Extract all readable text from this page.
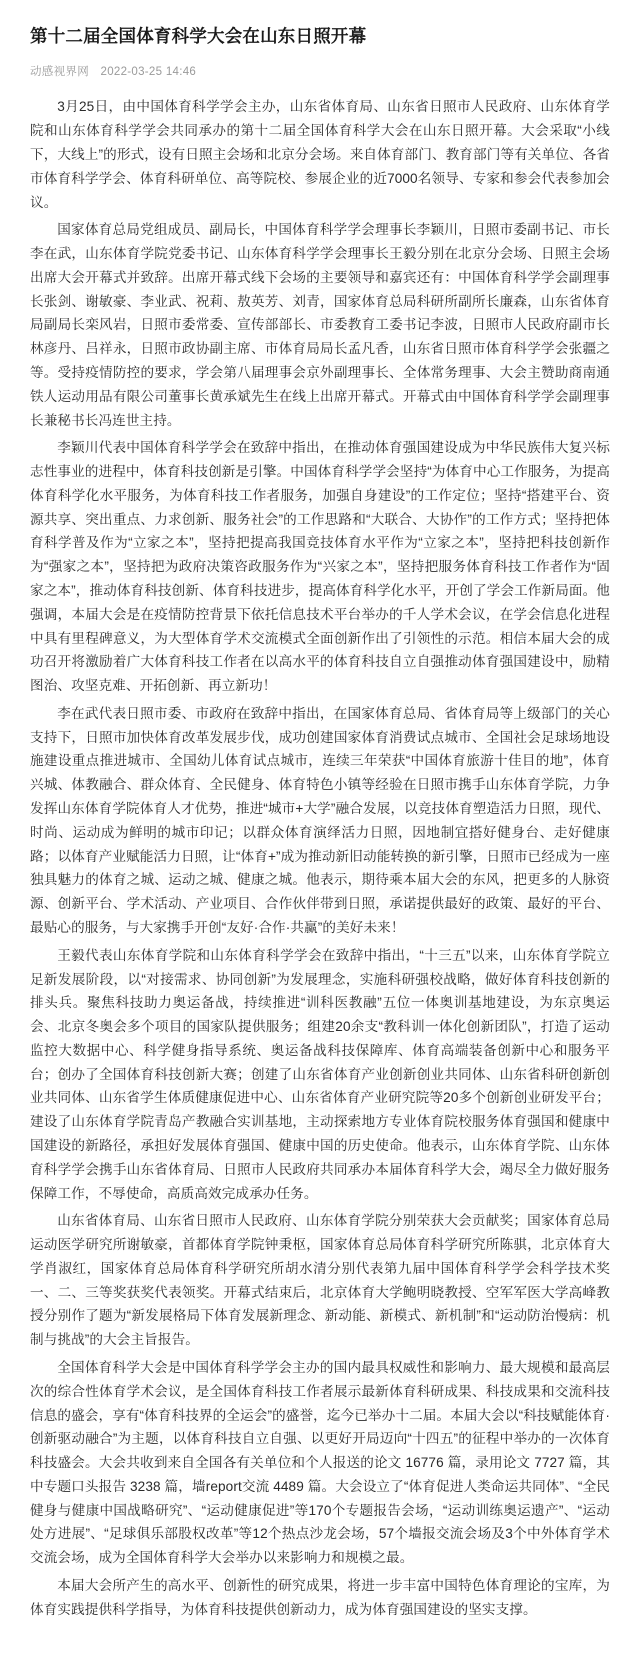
第十二届全国体育科学大会在山东日照开幕
动感视界网 2022-03-25 14:46

3月25日，由中国体育科学学会主办，山东省体育局、山东省日照市人民政府、山东体育学院和山东体育科学学会共同承办的第十二届全国体育科学大会在山东日照开幕。大会采取“小线下，大线上”的形式，设有日照主会场和北京分会场。来自体育部门、教育部门等有关单位、各省市体育科学学会、体育科研单位、高等院校、参展企业的近7000名领导、专家和参会代表参加会议。

国家体育总局党组成员、副局长，中国体育科学学会理事长李颖川，日照市委副书记、市长李在武，山东体育学院党委书记、山东体育科学学会理事长王毅分别在北京分会场、日照主会场出席大会开幕式并致辞。出席开幕式线下会场的主要领导和嘉宾还有：中国体育科学学会副理事长张剑、谢敏豪、李业武、祝莉、敖英芳、刘青，国家体育总局科研所副所长廉森，山东省体育局副局长栾风岩，日照市委常委、宣传部部长、市委教育工委书记李波，日照市人民政府副市长林彦丹、吕祥永，日照市政协副主席、市体育局局长孟凡香，山东省日照市体育科学学会张疆之等。受持疫情防控的要求，学会第八届理事会京外副理事长、全体常务理事、大会主赞助商南通铁人运动用品有限公司董事长黄承斌先生在线上出席开幕式。开幕式由中国体育科学学会副理事长兼秘书长冯连世主持。

李颖川代表中国体育科学学会在致辞中指出，在推动体育强国建设成为中华民族伟大复兴标志性事业的进程中，体育科技创新是引擎。中国体育科学学会坚持“为体育中心工作服务，为提高体育科学化水平服务，为体育科技工作者服务，加强自身建设”的工作定位；坚持“搭建平台、资源共享、突出重点、力求创新、服务社会”的工作思路和“大联合、大协作”的工作方式；坚持把体育科学普及作为“立家之本”，坚持把提高我国竞技体育水平作为“立家之本”，坚持把科技创新作为“强家之本”，坚持把为政府决策咨政服务作为“兴家之本”，坚持把服务体育科技工作者作为“固家之本”，推动体育科技创新、体育科技进步，提高体育科学化水平，开创了学会工作新局面。他强调，本届大会是在疫情防控背景下依托信息技术平台举办的千人学术会议，在学会信息化进程中具有里程碑意义，为大型体育学术交流模式全面创新作出了引领性的示范。相信本届大会的成功召开将激励着广大体育科技工作者在以高水平的体育科技自立自强推动体育强国建设中，励精图治、攻坚克难、开拓创新、再立新功！

李在武代表日照市委、市政府在致辞中指出，在国家体育总局、省体育局等上级部门的关心支持下，日照市加快体育改革发展步伐，成功创建国家体育消费试点城市、全国社会足球场地设施建设重点推进城市、全国幼儿体育试点城市，连续三年荣获“中国体育旅游十佳目的地”，体育兴城、体教融合、群众体育、全民健身、体育特色小镇等经验在日照市携手山东体育学院，力争发挥山东体育学院体育人才优势，推进“城市+大学”融合发展，以竞技体育塑造活力日照，现代、时尚、运动成为鲜明的城市印记；以群众体育演绎活力日照，因地制宜搭好健身台、走好健康路；以体育产业赋能活力日照，让“体育+”成为推动新旧动能转换的新引擎，日照市已经成为一座独具魅力的体育之城、运动之城、健康之城。他表示，期待乘本届大会的东风，把更多的人脉资源、创新平台、学术活动、产业项目、合作伙伴带到日照，承诺提供最好的政策、最好的平台、最贴心的服务，与大家携手开创“友好·合作·共赢”的美好未来！

王毅代表山东体育学院和山东体育科学学会在致辞中指出，“十三五”以来，山东体育学院立足新发展阶段，以“对接需求、协同创新”为发展理念，实施科研强校战略，做好体育科技创新的排头兵。聚焦科技助力奥运备战，持续推进“训科医教融”五位一体奥训基地建设，为东京奥运会、北京冬奥会多个项目的国家队提供服务；组建20余支“教科训一体化创新团队”，打造了运动监控大数据中心、科学健身指导系统、奥运备战科技保障库、体育高端装备创新中心和服务平台；创办了全国体育科技创新大赛；创建了山东省体育产业创新创业共同体、山东省科研创新创业共同体、山东省学生体质健康促进中心、山东省体育产业研究院等20多个创新创业研发平台；建设了山东体育学院青岛产教融合实训基地，主动探索地方专业体育院校服务体育强国和健康中国建设的新路径，承担好发展体育强国、健康中国的历史使命。他表示，山东体育学院、山东体育科学学会携手山东省体育局、日照市人民政府共同承办本届体育科学大会，竭尽全力做好服务保障工作，不辱使命，高质高效完成承办任务。

山东省体育局、山东省日照市人民政府、山东体育学院分别荣获大会贡献奖；国家体育总局运动医学研究所谢敏豪，首都体育学院钟秉枢，国家体育总局体育科学研究所陈骐，北京体育大学肖淑红，国家体育总局体育科学研究所胡水清分别代表第九届中国体育科学学会科学技术奖一、二、三等奖获奖代表领奖。开幕式结束后，北京体育大学鲍明晓教授、空军军医大学高峰教授分别作了题为“新发展格局下体育发展新理念、新动能、新模式、新机制”和“运动防治慢病：机制与挑战”的大会主旨报告。

全国体育科学大会是中国体育科学学会主办的国内最具权威性和影响力、最大规模和最高层次的综合性体育学术会议，是全国体育科技工作者展示最新体育科研成果、科技成果和交流科技信息的盛会，享有“体育科技界的全运会”的盛誉，迄今已举办十二届。本届大会以“科技赋能体育·创新驱动融合”为主题，以体育科技自立自强、以更好开局迈向“十四五”的征程中举办的一次体育科技盛会。大会共收到来自全国各有关单位和个人报送的论文 16776 篇，录用论文 7727 篇，其中专题口头报告 3238 篇，墙report交流 4489 篇。大会设立了“体育促进人类命运共同体”、“全民健身与健康中国战略研究”、“运动健康促进”等170个专题报告会场，“运动训练奥运遗产”、“运动处方进展”、“足球俱乐部股权改革”等12个热点沙龙会场，57个墙报交流会场及3个中外体育学术交流会场，成为全国体育科学大会举办以来影响力和规模之最。

本届大会所产生的高水平、创新性的研究成果，将进一步丰富中国特色体育理论的宝库，为体育实践提供科学指导，为体育科技提供创新动力，成为体育强国建设的坚实支撑。
